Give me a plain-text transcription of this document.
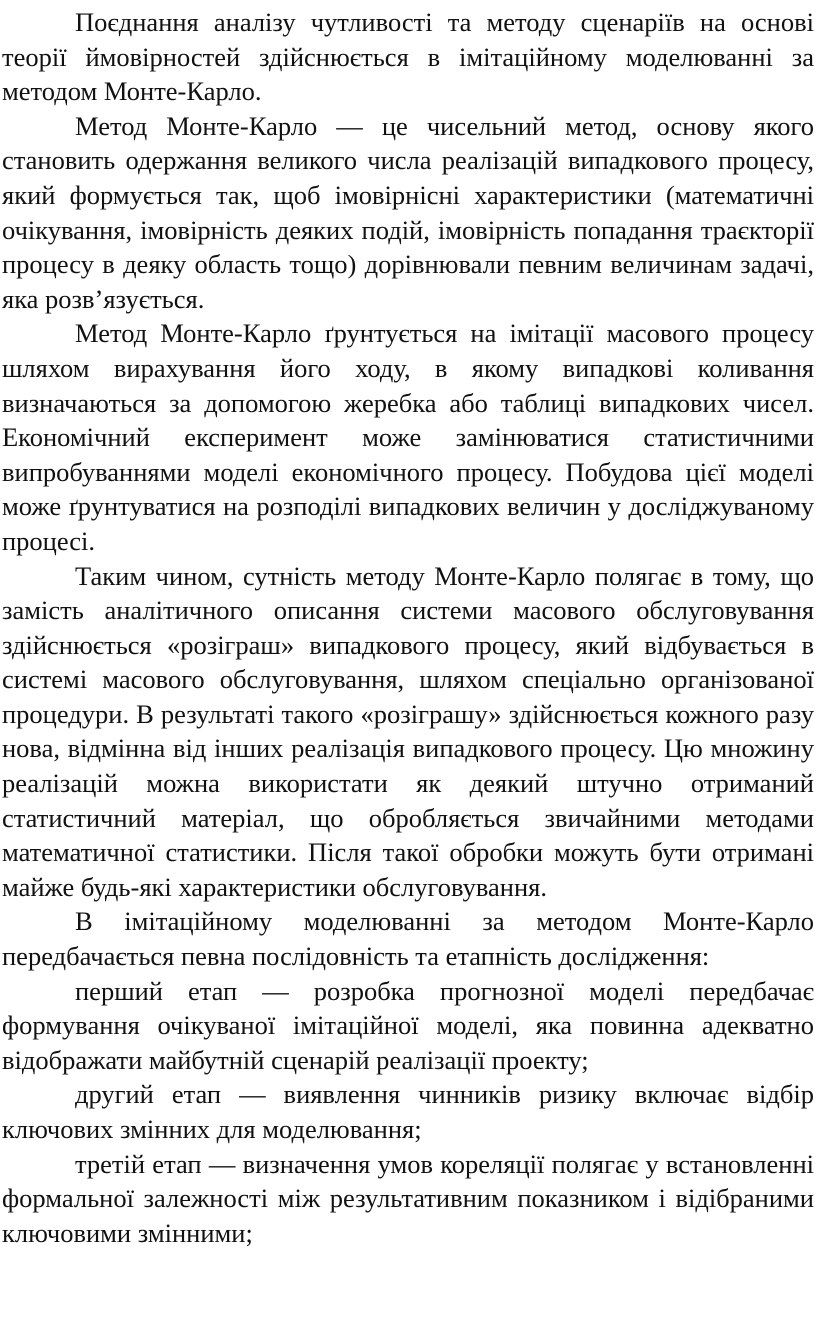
Поєднання аналізу чутливості та методу сценаріїв на основі теорії ймовірностей здійснюється в імітаційному моделюванні за методом Монте-Карло.

Метод Монте-Карло — це чисельний метод, основу якого становить одержання великого числа реалізацій випадкового процесу, який формується так, щоб імовірнісні характеристики (математичні очікування, імовірність деяких подій, імовірність попадання траєкторії процесу в деяку область тощо) дорівнювали певним величинам задачі, яка розв’язується.

Метод Монте-Карло ґрунтується на імітації масового процесу шляхом вирахування його ходу, в якому випадкові коливання визначаються за допомогою жеребка або таблиці випадкових чисел. Економічний експеримент може замінюватися статистичними випробуваннями моделі економічного процесу. Побудова цієї моделі може ґрунтуватися на розподілі випадкових величин у досліджуваному процесі.

Таким чином, сутність методу Монте-Карло полягає в тому, що замість аналітичного описання системи масового обслуговування здійснюється «розіграш» випадкового процесу, який відбувається в системі масового обслуговування, шляхом спеціально організованої процедури. В результаті такого «розіграшу» здійснюється кожного разу нова, відмінна від інших реалізація випадкового процесу. Цю множину реалізацій можна використати як деякий штучно отриманий статистичний матеріал, що обробляється звичайними методами математичної статистики. Після такої обробки можуть бути отримані майже будь-які характеристики обслуговування.

В імітаційному моделюванні за методом Монте-Карло передбачається певна послідовність та етапність дослідження:

перший етап — розробка прогнозної моделі передбачає формування очікуваної імітаційної моделі, яка повинна адекватно відображати майбутній сценарій реалізації проекту;

другий етап — виявлення чинників ризику включає відбір ключових змінних для моделювання;

третій етап — визначення умов кореляції полягає у встановленні формальної залежності між результативним показником і відібраними ключовими змінними;
